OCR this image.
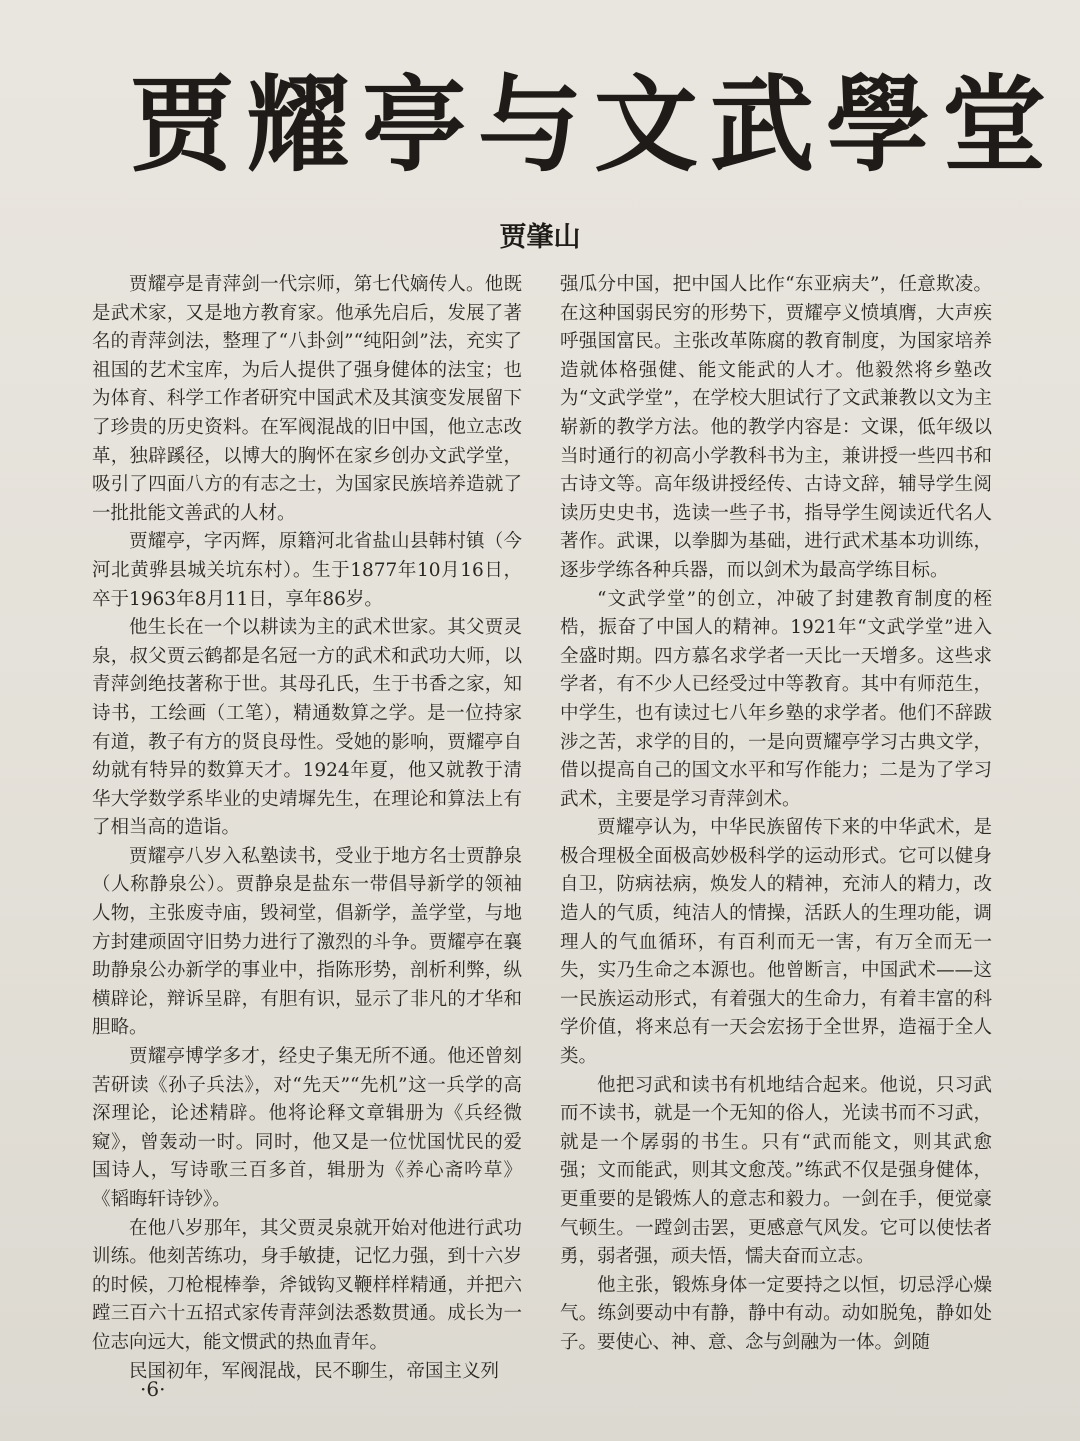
贾耀亭与文武學堂
贾肇山

贾耀亭是青萍剑一代宗师，第七代嫡传人。他既是武术家，又是地方教育家。他承先启后，发展了著名的青萍剑法，整理了“八卦剑”“纯阳剑”法，充实了祖国的艺术宝库，为后人提供了强身健体的法宝；也为体育、科学工作者研究中国武术及其演变发展留下了珍贵的历史资料。在军阀混战的旧中国，他立志改革，独辟蹊径，以博大的胸怀在家乡创办文武学堂，吸引了四面八方的有志之士，为国家民族培养造就了一批批能文善武的人材。

贾耀亭，字丙辉，原籍河北省盐山县韩村镇（今河北黄骅县城关坑东村）。生于1877年10月16日，卒于1963年8月11日，享年86岁。

他生长在一个以耕读为主的武术世家。其父贾灵泉，叔父贾云鹤都是名冠一方的武术和武功大师，以青萍剑绝技著称于世。其母孔氏，生于书香之家，知诗书，工绘画（工笔），精通数算之学。是一位持家有道，教子有方的贤良母性。受她的影响，贾耀亭自幼就有特异的数算天才。1924年夏，他又就教于清华大学数学系毕业的史靖墀先生，在理论和算法上有了相当高的造诣。

贾耀亭八岁入私塾读书，受业于地方名士贾静泉（人称静泉公）。贾静泉是盐东一带倡导新学的领袖人物，主张废寺庙，毁祠堂，倡新学，盖学堂，与地方封建顽固守旧势力进行了激烈的斗争。贾耀亭在襄助静泉公办新学的事业中，指陈形势，剖析利弊，纵横辟论，辩诉呈辟，有胆有识，显示了非凡的才华和胆略。

贾耀亭博学多才，经史子集无所不通。他还曾刻苦研读《孙子兵法》，对“先天”“先机”这一兵学的高深理论，论述精辟。他将论释文章辑册为《兵经微窥》，曾轰动一时。同时，他又是一位忧国忧民的爱国诗人，写诗歌三百多首，辑册为《养心斋吟草》《韬晦轩诗钞》。

在他八岁那年，其父贾灵泉就开始对他进行武功训练。他刻苦练功，身手敏捷，记忆力强，到十六岁的时候，刀枪棍棒拳，斧钺钩叉鞭样样精通，并把六蹚三百六十五招式家传青萍剑法悉数贯通。成长为一位志向远大，能文惯武的热血青年。

民国初年，军阀混战，民不聊生，帝国主义列

强瓜分中国，把中国人比作“东亚病夫”，任意欺凌。在这种国弱民穷的形势下，贾耀亭义愤填膺，大声疾呼强国富民。主张改革陈腐的教育制度，为国家培养造就体格强健、能文能武的人才。他毅然将乡塾改为“文武学堂”，在学校大胆试行了文武兼教以文为主崭新的教学方法。他的教学内容是：文课，低年级以当时通行的初高小学教科书为主，兼讲授一些四书和古诗文等。高年级讲授经传、古诗文辞，辅导学生阅读历史史书，选读一些子书，指导学生阅读近代名人著作。武课，以拳脚为基础，进行武术基本功训练，逐步学练各种兵器，而以剑术为最高学练目标。

“文武学堂”的创立，冲破了封建教育制度的桎梏，振奋了中国人的精神。1921年“文武学堂”进入全盛时期。四方慕名求学者一天比一天增多。这些求学者，有不少人已经受过中等教育。其中有师范生，中学生，也有读过七八年乡塾的求学者。他们不辞跋涉之苦，求学的目的，一是向贾耀亭学习古典文学，借以提高自己的国文水平和写作能力；二是为了学习武术，主要是学习青萍剑术。

贾耀亭认为，中华民族留传下来的中华武术，是极合理极全面极高妙极科学的运动形式。它可以健身自卫，防病祛病，焕发人的精神，充沛人的精力，改造人的气质，纯洁人的情操，活跃人的生理功能，调理人的气血循环，有百利而无一害，有万全而无一失，实乃生命之本源也。他曾断言，中国武术——这一民族运动形式，有着强大的生命力，有着丰富的科学价值，将来总有一天会宏扬于全世界，造福于全人类。

他把习武和读书有机地结合起来。他说，只习武而不读书，就是一个无知的俗人，光读书而不习武，就是一个孱弱的书生。只有“武而能文，则其武愈强；文而能武，则其文愈茂。”练武不仅是强身健体，更重要的是锻炼人的意志和毅力。一剑在手，便觉豪气顿生。一蹚剑击罢，更感意气风发。它可以使怯者勇，弱者强，顽夫悟，懦夫奋而立志。

他主张，锻炼身体一定要持之以恒，切忌浮心燥气。练剑要动中有静，静中有动。动如脱兔，静如处子。要使心、神、意、念与剑融为一体。剑随

·6·
